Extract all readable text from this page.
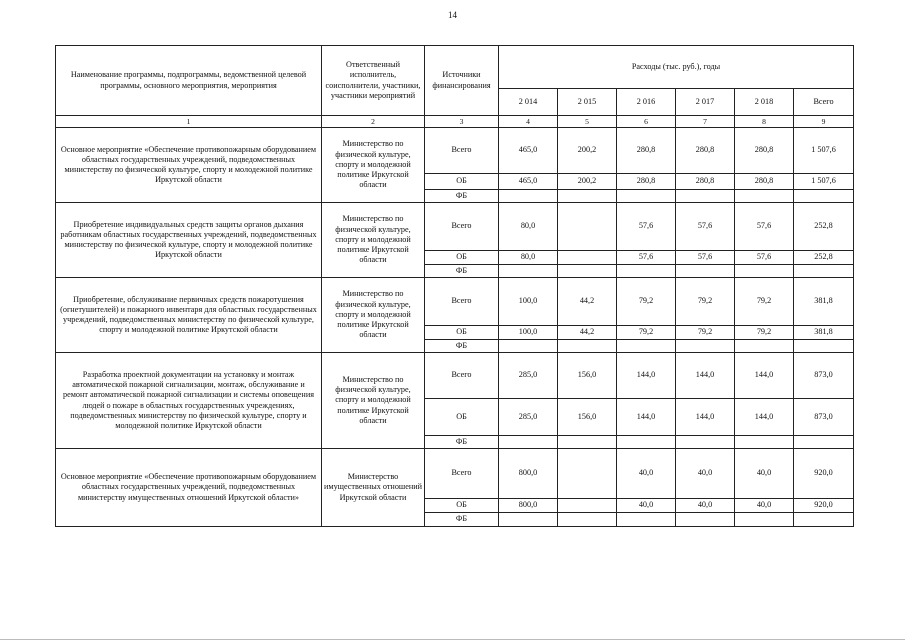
14
Наименование программы, подпрограммы, ведомственной целевой программы, основного мероприятия, мероприятия	Ответственный исполнитель, соисполнители, участники, участники мероприятий	Источники финансирования	Расходы (тыс. руб.), годы					
			2 014	2 015	2 016	2 017	2 018	Всего
1	2	3	4	5	6	7	8	9
Основное мероприятие «Обеспечение противопожарным оборудованием областных государственных учреждений, подведомственных министерству по физической культуре, спорту и молодежной политике Иркутской области	Министерство по физической культуре, спорту и молодежной политике Иркутской области	Всего	465,0	200,2	280,8	280,8	280,8	1 507,6
		ОБ	465,0	200,2	280,8	280,8	280,8	1 507,6
		ФБ						
Приобретение индивидуальных средств защиты органов дыхания работникам областных государственных учреждений, подведомственных министерству по физической культуре, спорту и молодежной политике Иркутской области	Министерство по физической культуре, спорту и молодежной политике Иркутской области	Всего	80,0		57,6	57,6	57,6	252,8
		ОБ	80,0		57,6	57,6	57,6	252,8
		ФБ						
Приобретение, обслуживание первичных средств пожаротушения (огнетушителей) и пожарного инвентаря для областных государственных учреждений, подведомственных министерству по физической культуре, спорту и молодежной политике Иркутской области	Министерство по физической культуре, спорту и молодежной политике Иркутской области	Всего	100,0	44,2	79,2	79,2	79,2	381,8
		ОБ	100,0	44,2	79,2	79,2	79,2	381,8
		ФБ						
Разработка проектной документации на установку и монтаж автоматической пожарной сигнализации, монтаж, обслуживание и ремонт автоматической пожарной сигнализации и системы оповещения людей о пожаре в областных государственных учреждениях, подведомственных министерству по физической культуре, спорту и молодежной политике Иркутской области	Министерство по физической культуре, спорту и молодежной политике Иркутской области	Всего	285,0	156,0	144,0	144,0	144,0	873,0
		ОБ	285,0	156,0	144,0	144,0	144,0	873,0
		ФБ						
Основное мероприятие «Обеспечение противопожарным оборудованием областных государственных учреждений, подведомственных министерству имущественных отношений Иркутской области»	Министерство имущественных отношений Иркутской области	Всего	800,0		40,0	40,0	40,0	920,0
		ОБ	800,0		40,0	40,0	40,0	920,0
		ФБ						
